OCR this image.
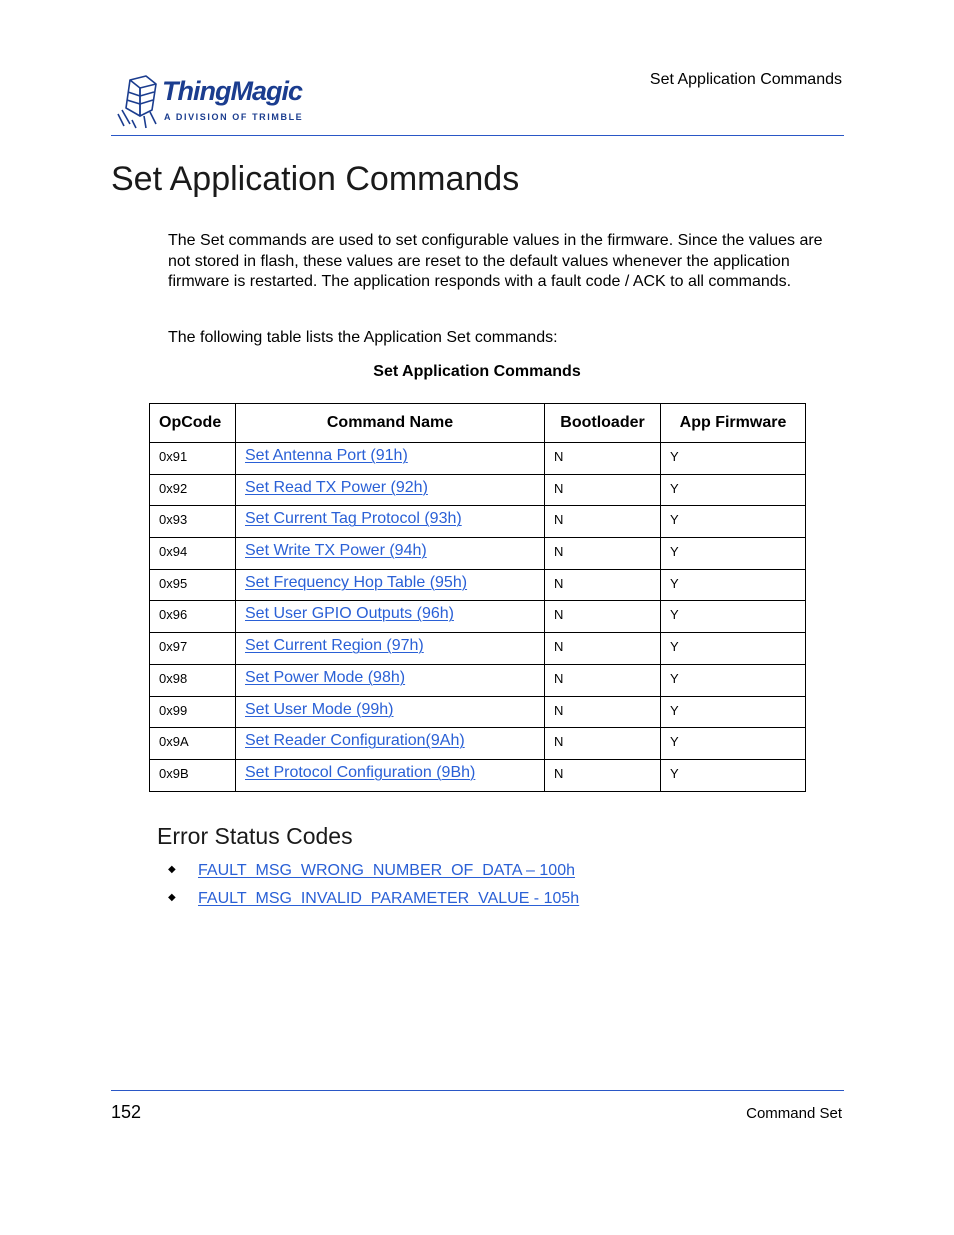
ThingMagic
A DIVISION OF TRIMBLE
Set Application Commands
Set Application Commands

The Set commands are used to set configurable values in the firmware. Since the values are not stored in flash, these values are reset to the default values whenever the application firmware is restarted. The application responds with a fault code / ACK to all commands.

The following table lists the Application Set commands:

Set Application Commands
OpCode	Command Name	Bootloader	App Firmware
0x91	Set Antenna Port (91h)	N	Y
0x92	Set Read TX Power (92h)	N	Y
0x93	Set Current Tag Protocol (93h)	N	Y
0x94	Set Write TX Power (94h)	N	Y
0x95	Set Frequency Hop Table (95h)	N	Y
0x96	Set User GPIO Outputs (96h)	N	Y
0x97	Set Current Region (97h)	N	Y
0x98	Set Power Mode (98h)	N	Y
0x99	Set User Mode (99h)	N	Y
0x9A	Set Reader Configuration(9Ah)	N	Y
0x9B	Set Protocol Configuration (9Bh)	N	Y
Error Status Codes
◆ FAULT_MSG_WRONG_NUMBER_OF_DATA – 100h
◆ FAULT_MSG_INVALID_PARAMETER_VALUE - 105h
152	Command Set
